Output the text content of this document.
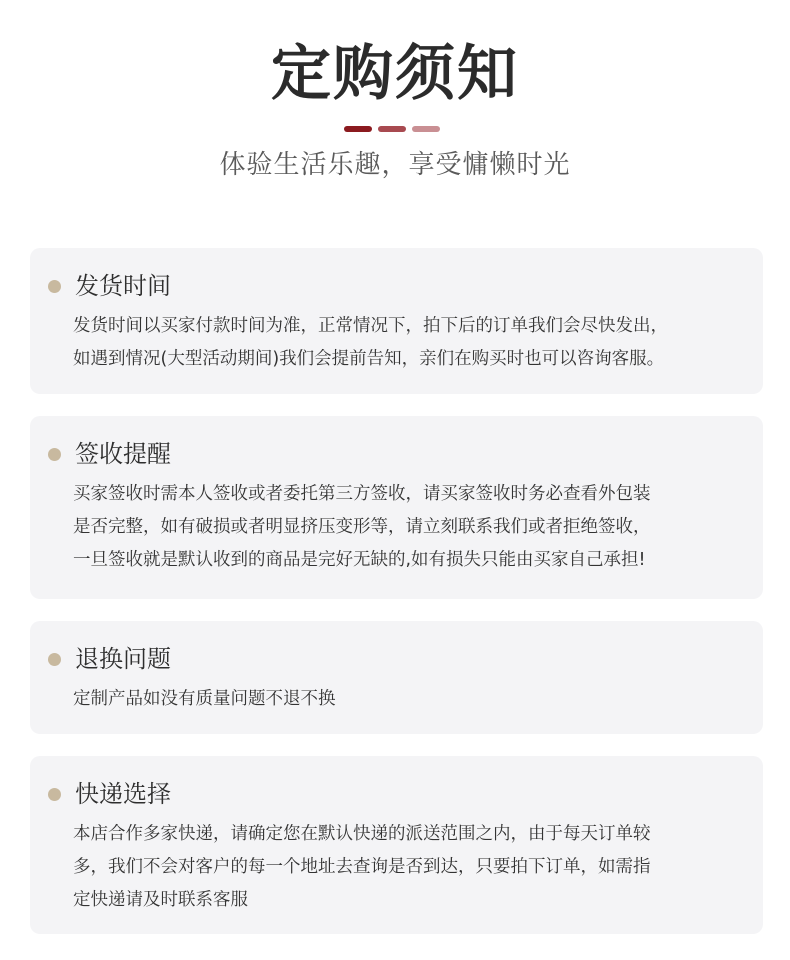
定购须知
体验生活乐趣，享受慵懒时光
发货时间
发货时间以买家付款时间为准，正常情况下，拍下后的订单我们会尽快发出，
如遇到情况(大型活动期间)我们会提前告知，亲们在购买时也可以咨询客服。
签收提醒
买家签收时需本人签收或者委托第三方签收，请买家签收时务必查看外包装
是否完整，如有破损或者明显挤压变形等，请立刻联系我们或者拒绝签收，
一旦签收就是默认收到的商品是完好无缺的,如有损失只能由买家自己承担!
退换问题
定制产品如没有质量问题不退不换
快递选择
本店合作多家快递，请确定您在默认快递的派送范围之内，由于每天订单较
多，我们不会对客户的每一个地址去查询是否到达，只要拍下订单，如需指
定快递请及时联系客服
